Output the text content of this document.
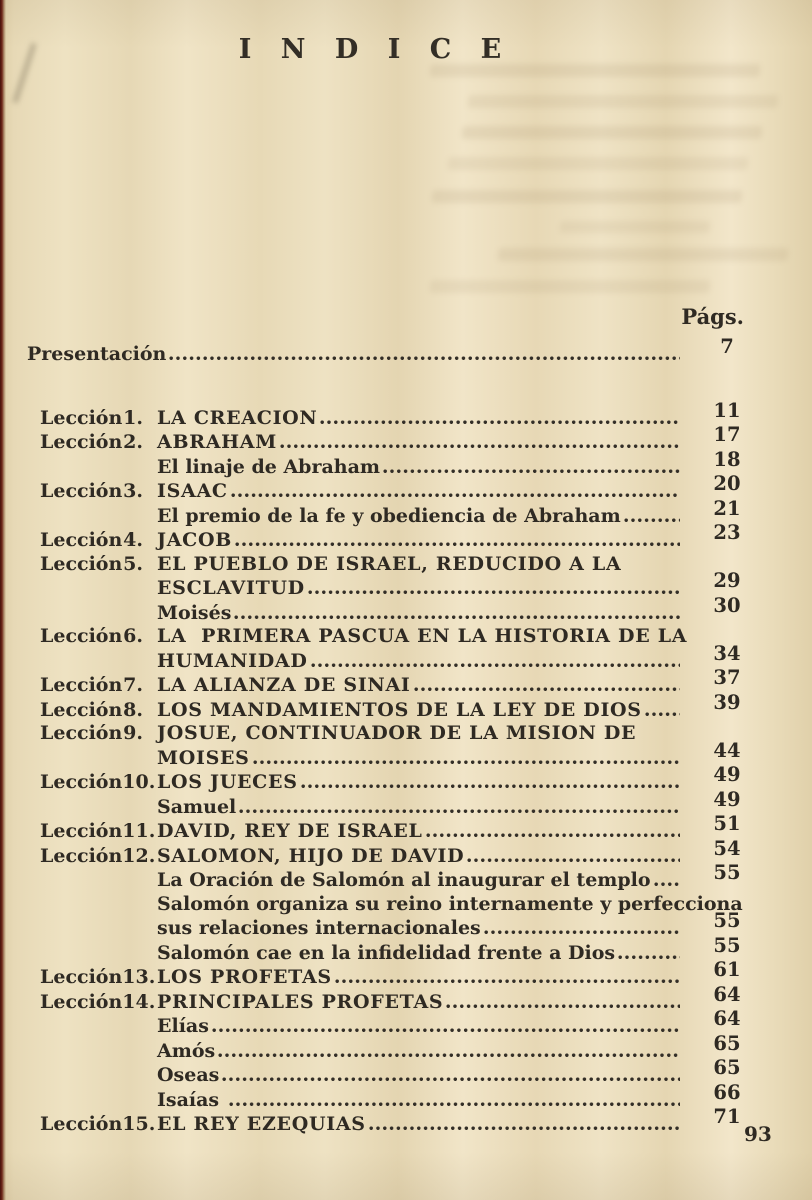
I N D I C E
Págs.
Presentación	7
Lección 1. LA CREACION	11
Lección 2. ABRAHAM	17
El linaje de Abraham	18
Lección 3. ISAAC	20
El premio de la fe y obediencia de Abraham	21
Lección 4. JACOB	23
Lección 5. EL PUEBLO DE ISRAEL, REDUCIDO A LA
ESCLAVITUD	29
Moisés	30
Lección 6. LA  PRIMERA PASCUA EN LA HISTORIA DE LA
HUMANIDAD	34
Lección 7. LA ALIANZA DE SINAI	37
Lección 8. LOS MANDAMIENTOS DE LA LEY DE DIOS	39
Lección 9. JOSUE, CONTINUADOR DE LA MISION DE
MOISES	44
Lección 10. LOS JUECES	49
Samuel	49
Lección 11. DAVID, REY DE ISRAEL	51
Lección 12. SALOMON, HIJO DE DAVID	54
La Oración de Salomón al inaugurar el templo	55
Salomón organiza su reino internamente y perfecciona
sus relaciones internacionales	55
Salomón cae en la infidelidad frente a Dios	55
Lección 13. LOS PROFETAS	61
Lección 14. PRINCIPALES PROFETAS	64
Elías	64
Amós	65
Oseas	65
Isaías	66
Lección 15. EL REY EZEQUIAS	71
93
